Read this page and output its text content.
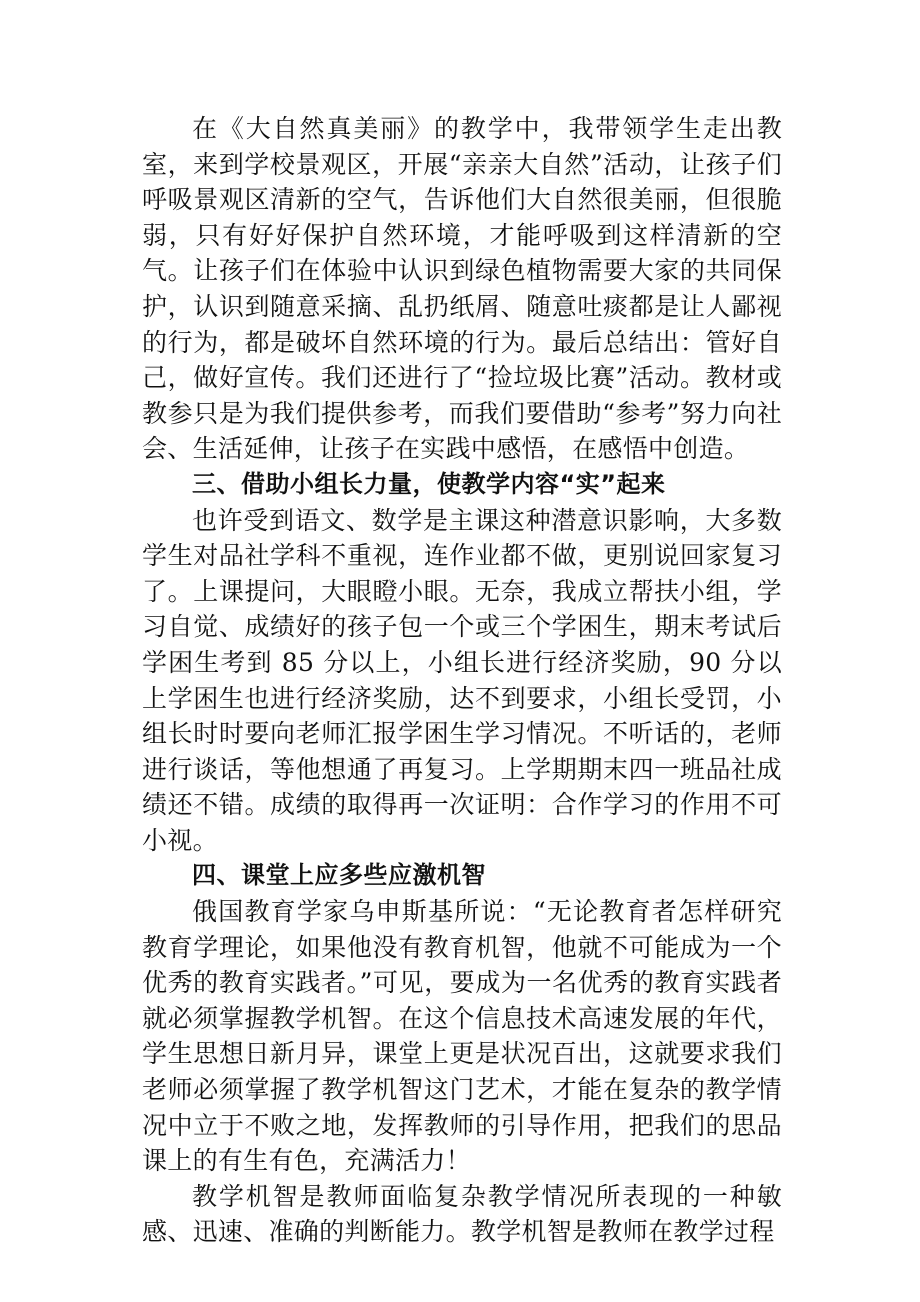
在《大自然真美丽》的教学中，我带领学生走出教室，来到学校景观区，开展“亲亲大自然”活动，让孩子们呼吸景观区清新的空气，告诉他们大自然很美丽，但很脆弱，只有好好保护自然环境，才能呼吸到这样清新的空气。让孩子们在体验中认识到绿色植物需要大家的共同保护，认识到随意采摘、乱扔纸屑、随意吐痰都是让人鄙视的行为，都是破坏自然环境的行为。最后总结出：管好自己，做好宣传。我们还进行了“捡垃圾比赛”活动。教材或教参只是为我们提供参考，而我们要借助“参考”努力向社会、生活延伸，让孩子在实践中感悟，在感悟中创造。

三、借助小组长力量，使教学内容“实”起来

也许受到语文、数学是主课这种潜意识影响，大多数学生对品社学科不重视，连作业都不做，更别说回家复习了。上课提问，大眼瞪小眼。无奈，我成立帮扶小组，学习自觉、成绩好的孩子包一个或三个学困生，期末考试后学困生考到 85 分以上，小组长进行经济奖励，90 分以上学困生也进行经济奖励，达不到要求，小组长受罚，小组长时时要向老师汇报学困生学习情况。不听话的，老师进行谈话，等他想通了再复习。上学期期末四一班品社成绩还不错。成绩的取得再一次证明：合作学习的作用不可小视。

四、课堂上应多些应激机智

俄国教育学家乌申斯基所说：“无论教育者怎样研究教育学理论，如果他没有教育机智，他就不可能成为一个优秀的教育实践者。”可见，要成为一名优秀的教育实践者就必须掌握教学机智。在这个信息技术高速发展的年代，学生思想日新月异，课堂上更是状况百出，这就要求我们老师必须掌握了教学机智这门艺术，才能在复杂的教学情况中立于不败之地，发挥教师的引导作用，把我们的思品课上的有生有色，充满活力！

教学机智是教师面临复杂教学情况所表现的一种敏感、迅速、准确的判断能力。教学机智是教师在教学过程
